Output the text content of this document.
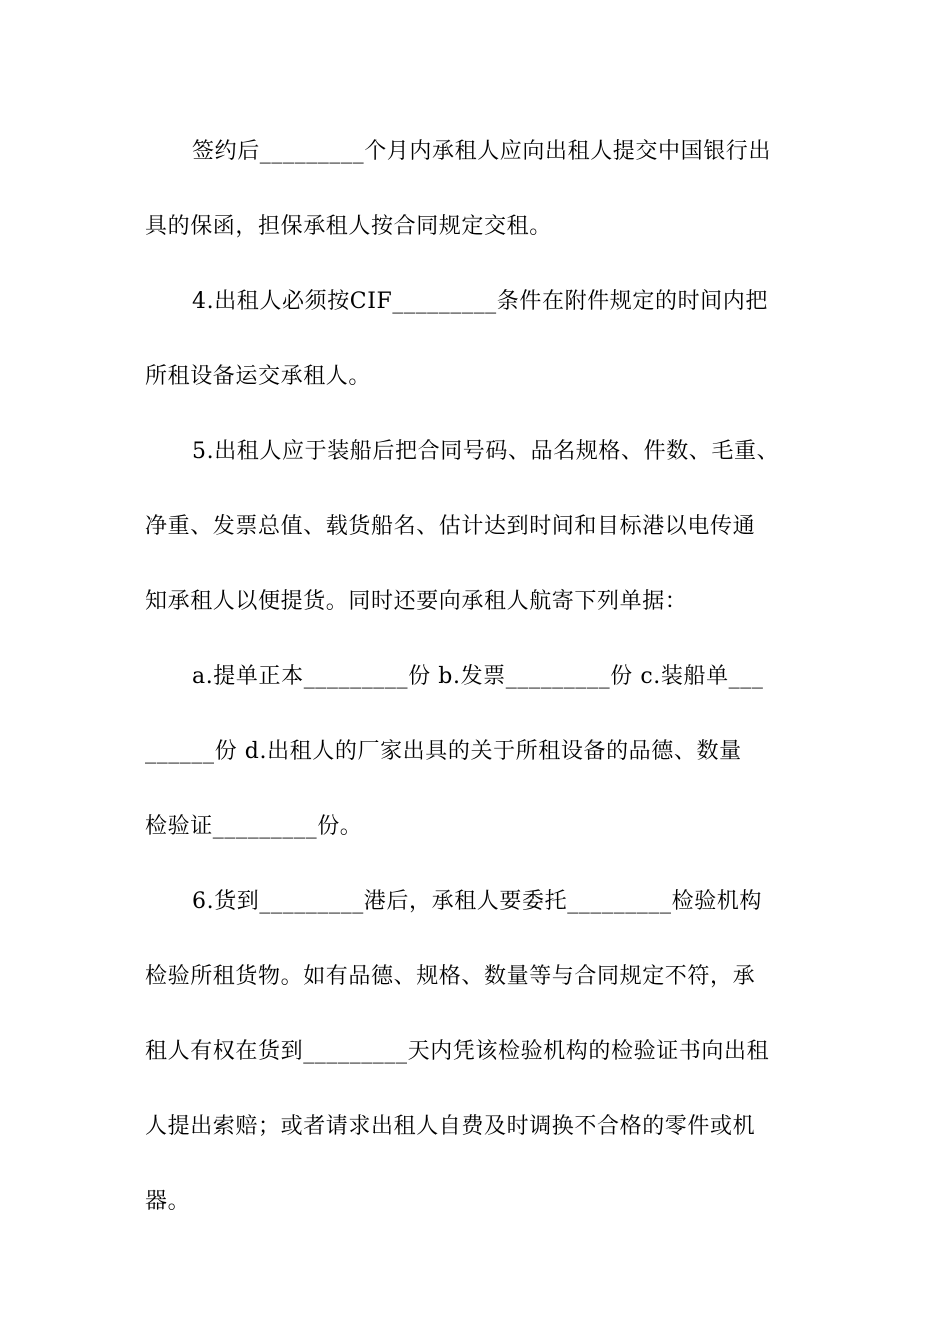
签约后_________个月内承租人应向出租人提交中国银行出
具的保函，担保承租人按合同规定交租。
4.出租人必须按CIF_________条件在附件规定的时间内把
所租设备运交承租人。
5.出租人应于装船后把合同号码、品名规格、件数、毛重、
净重、发票总值、载货船名、估计达到时间和目标港以电传通
知承租人以便提货。同时还要向承租人航寄下列单据：
a.提单正本_________份 b.发票_________份 c.装船单___
______份 d.出租人的厂家出具的关于所租设备的品德、数量
检验证_________份。
6.货到_________港后，承租人要委托_________检验机构
检验所租货物。如有品德、规格、数量等与合同规定不符，承
租人有权在货到_________天内凭该检验机构的检验证书向出租
人提出索赔；或者请求出租人自费及时调换不合格的零件或机
器。
